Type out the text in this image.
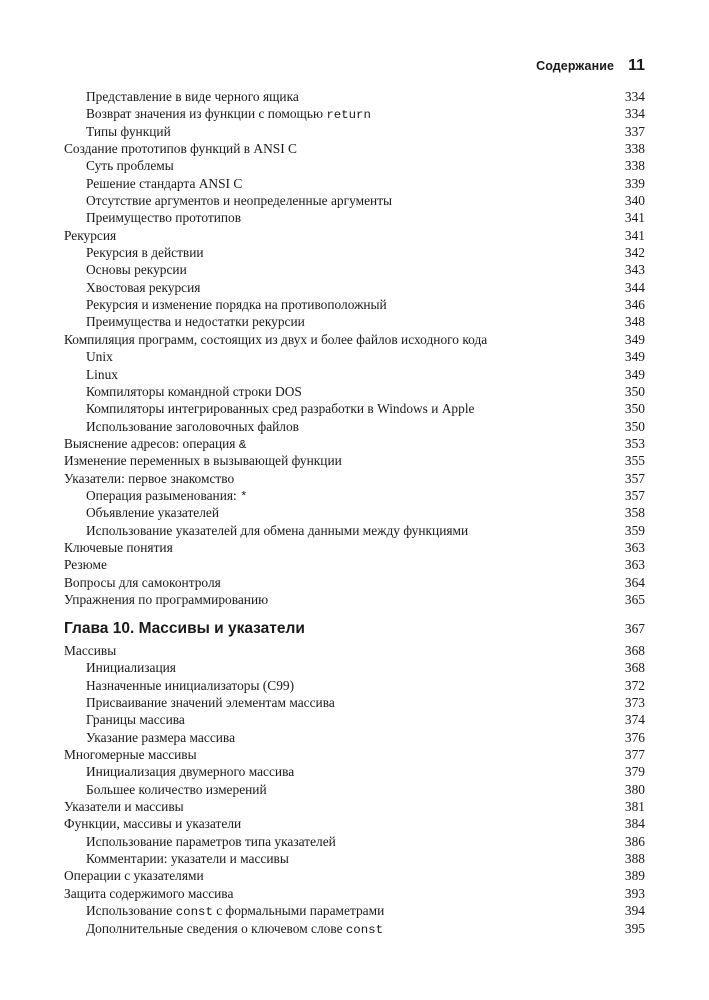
Содержание 11
Представление в виде черного ящика	334
Возврат значения из функции с помощью return	334
Типы функций	337
Создание прототипов функций в ANSI C	338
Суть проблемы	338
Решение стандарта ANSI C	339
Отсутствие аргументов и неопределенные аргументы	340
Преимущество прототипов	341
Рекурсия	341
Рекурсия в действии	342
Основы рекурсии	343
Хвостовая рекурсия	344
Рекурсия и изменение порядка на противоположный	346
Преимущества и недостатки рекурсии	348
Компиляция программ, состоящих из двух и более файлов исходного кода	349
Unix	349
Linux	349
Компиляторы командной строки DOS	350
Компиляторы интегрированных сред разработки в Windows и Apple	350
Использование заголовочных файлов	350
Выяснение адресов: операция &	353
Изменение переменных в вызывающей функции	355
Указатели: первое знакомство	357
Операция разыменования: *	357
Объявление указателей	358
Использование указателей для обмена данными между функциями	359
Ключевые понятия	363
Резюме	363
Вопросы для самоконтроля	364
Упражнения по программированию	365
Глава 10. Массивы и указатели	367
Массивы	368
Инициализация	368
Назначенные инициализаторы (C99)	372
Присваивание значений элементам массива	373
Границы массива	374
Указание размера массива	376
Многомерные массивы	377
Инициализация двумерного массива	379
Большее количество измерений	380
Указатели и массивы	381
Функции, массивы и указатели	384
Использование параметров типа указателей	386
Комментарии: указатели и массивы	388
Операции с указателями	389
Защита содержимого массива	393
Использование const с формальными параметрами	394
Дополнительные сведения о ключевом слове const	395
